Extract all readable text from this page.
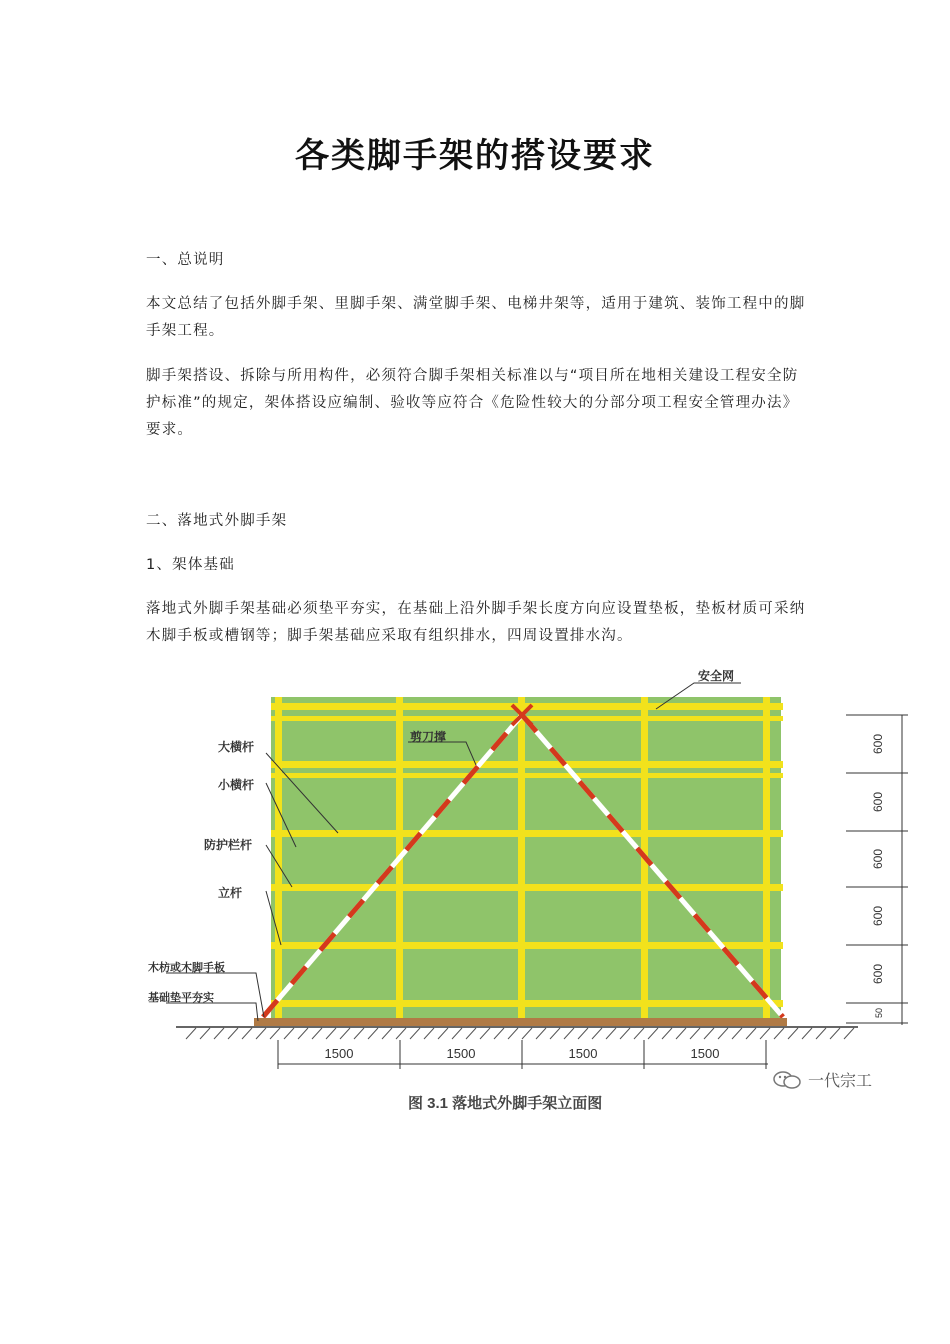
各类脚手架的搭设要求

一、总说明

本文总结了包括外脚手架、里脚手架、满堂脚手架、电梯井架等，适用于建筑、装饰工程中的脚手架工程。

脚手架搭设、拆除与所用构件，必须符合脚手架相关标准以与“项目所在地相关建设工程安全防护标准”的规定，架体搭设应编制、验收等应符合《危险性较大的分部分项工程安全管理办法》 要求。

二、落地式外脚手架

1、架体基础

落地式外脚手架基础必须垫平夯实，在基础上沿外脚手架长度方向应设置垫板，垫板材质可采纳木脚手板或槽钢等；脚手架基础应采取有组织排水，四周设置排水沟。

安全网
剪刀撑
大横杆
小横杆
防护栏杆
立杆
木枋或木脚手板
基础垫平夯实
1500	1500	1500	1500
600
600
600
600
600
50
一代宗工
图 3.1 落地式外脚手架立面图
